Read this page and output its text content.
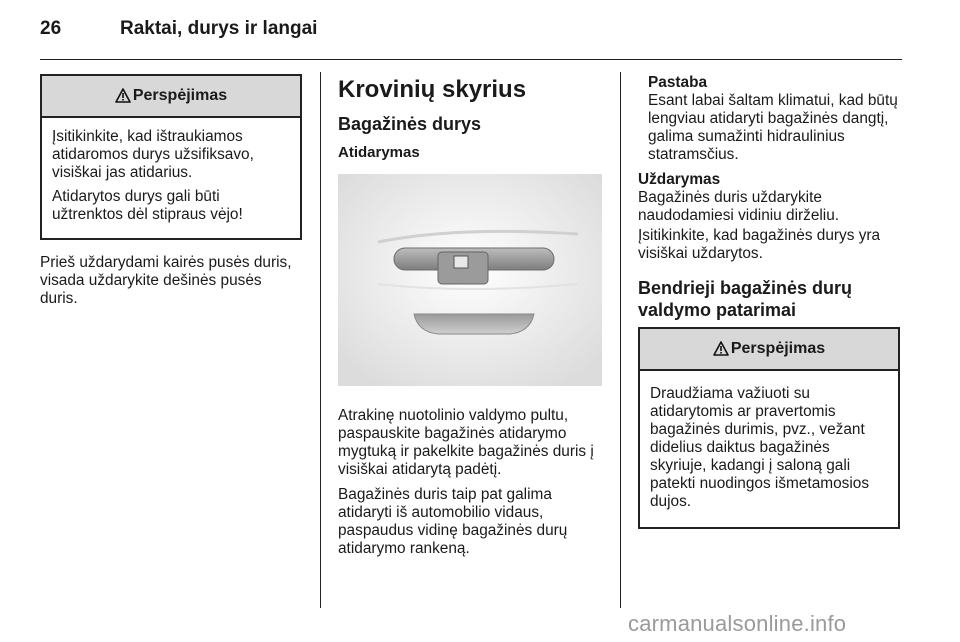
26	Raktai, durys ir langai
Perspėjimas

Įsitikinkite, kad ištraukiamos atidaromos durys užsifiksavo, visiškai jas atidarius.

Atidarytos durys gali būti užtrenktos dėl stipraus vėjo!

Prieš uždarydami kairės pusės duris, visada uždarykite dešinės pusės duris.

Krovinių skyrius
Bagažinės durys
Atidarymas

Atrakinę nuotolinio valdymo pultu, paspauskite bagažinės atidarymo mygtuką ir pakelkite bagažinės duris į visiškai atidarytą padėtį.

Bagažinės duris taip pat galima atidaryti iš automobilio vidaus, paspaudus vidinę bagažinės durų atidarymo rankeną.

Pastaba

Esant labai šaltam klimatui, kad būtų lengviau atidaryti bagažinės dangtį, galima sumažinti hidraulinius statramsčius.

Uždarymas

Bagažinės duris uždarykite naudodamiesi vidiniu dirželiu.

Įsitikinkite, kad bagažinės durys yra visiškai uždarytos.

Bendrieji bagažinės durų valdymo patarimai
Perspėjimas

Draudžiama važiuoti su atidarytomis ar pravertomis bagažinės durimis, pvz., vežant didelius daiktus bagažinės skyriuje, kadangi į saloną gali patekti nuodingos išmetamosios dujos.

carmanualsonline.info
